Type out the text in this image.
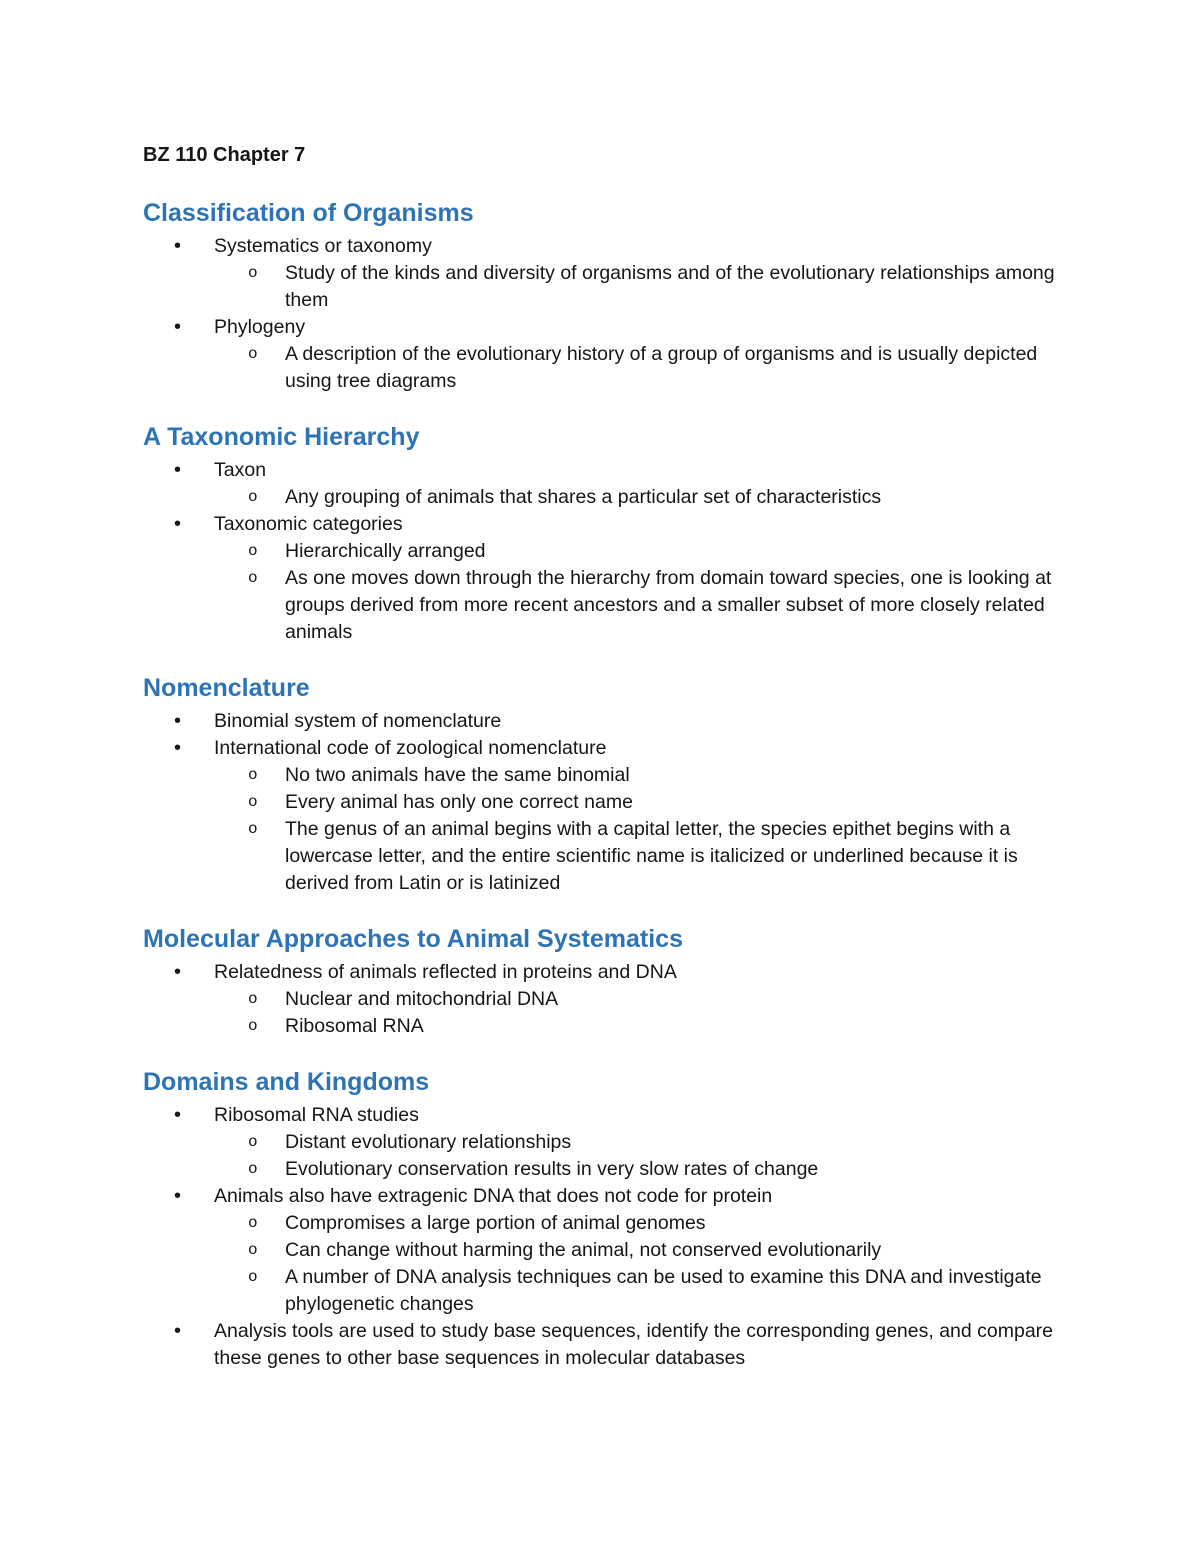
BZ 110 Chapter 7

Classification of Organisms
• Systematics or taxonomy
o Study of the kinds and diversity of organisms and of the evolutionary relationships among them
• Phylogeny
o A description of the evolutionary history of a group of organisms and is usually depicted using tree diagrams
A Taxonomic Hierarchy
• Taxon
o Any grouping of animals that shares a particular set of characteristics
• Taxonomic categories
o Hierarchically arranged
o As one moves down through the hierarchy from domain toward species, one is looking at groups derived from more recent ancestors and a smaller subset of more closely related animals
Nomenclature
• Binomial system of nomenclature
• International code of zoological nomenclature
o No two animals have the same binomial
o Every animal has only one correct name
o The genus of an animal begins with a capital letter, the species epithet begins with a lowercase letter, and the entire scientific name is italicized or underlined because it is derived from Latin or is latinized
Molecular Approaches to Animal Systematics
• Relatedness of animals reflected in proteins and DNA
o Nuclear and mitochondrial DNA
o Ribosomal RNA
Domains and Kingdoms
• Ribosomal RNA studies
o Distant evolutionary relationships
o Evolutionary conservation results in very slow rates of change
• Animals also have extragenic DNA that does not code for protein
o Compromises a large portion of animal genomes
o Can change without harming the animal, not conserved evolutionarily
o A number of DNA analysis techniques can be used to examine this DNA and investigate phylogenetic changes
• Analysis tools are used to study base sequences, identify the corresponding genes, and compare these genes to other base sequences in molecular databases
